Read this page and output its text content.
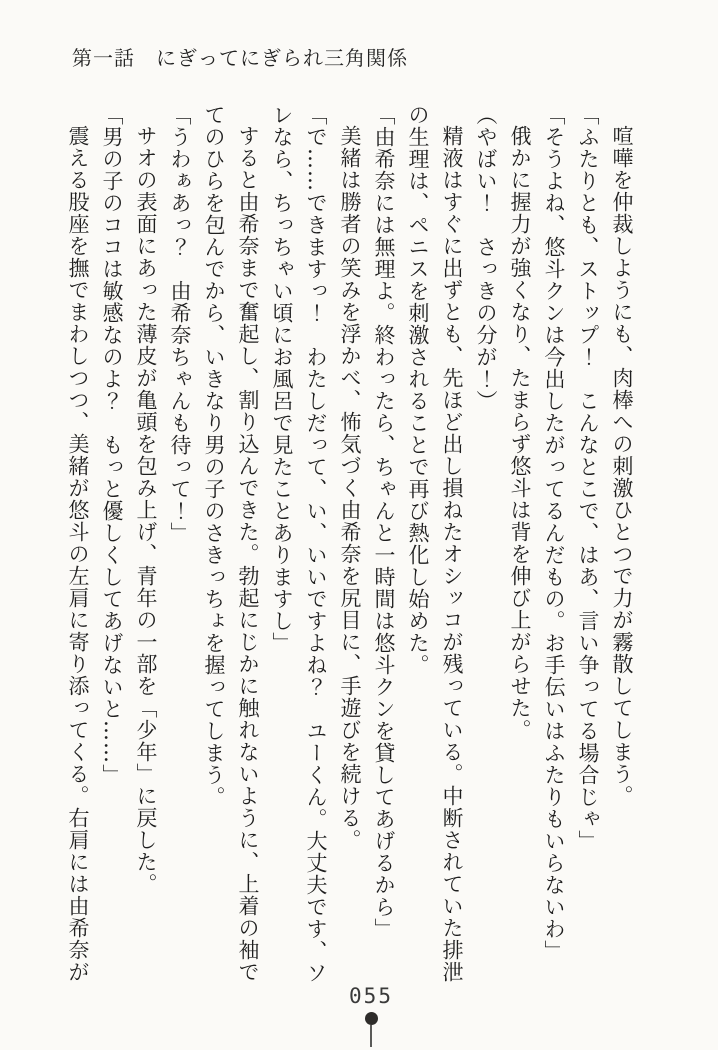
第一話　にぎってにぎられ三角関係

喧嘩を仲裁しようにも、肉棒への刺激ひとつで力が霧散してしまう。

「ふたりとも、ストップ！　こんなとこで、はあ、言い争ってる場合じゃ」

「そうよね、悠斗クンは今出したがってるんだもの。お手伝いはふたりもいらないわ」

俄かに握力が強くなり、たまらず悠斗は背を伸び上がらせた。

（やばい！　さっきの分が！）

精液はすぐに出ずとも、先ほど出し損ねたオシッコが残っている。中断されていた排泄の生理は、ペニスを刺激されることで再び熱化し始めた。

「由希奈には無理よ。終わったら、ちゃんと一時間は悠斗クンを貸してあげるから」

美緒は勝者の笑みを浮かべ、怖気づく由希奈を尻目に、手遊びを続ける。

「で……できますっ！　わたしだって、い、いいですよね？　ユーくん。大丈夫です、ソレなら、ちっちゃい頃にお風呂で見たことありますし」

すると由希奈まで奮起し、割り込んできた。勃起にじかに触れないように、上着の袖でてのひらを包んでから、いきなり男の子のさきっちょを握ってしまう。

「うわぁあっ？　由希奈ちゃんも待って！」

サオの表面にあった薄皮が亀頭を包み上げ、青年の一部を「少年」に戻した。

「男の子のココは敏感なのよ？　もっと優しくしてあげないと……」

震える股座を撫でまわしつつ、美緒が悠斗の左肩に寄り添ってくる。右肩には由希奈が

055
